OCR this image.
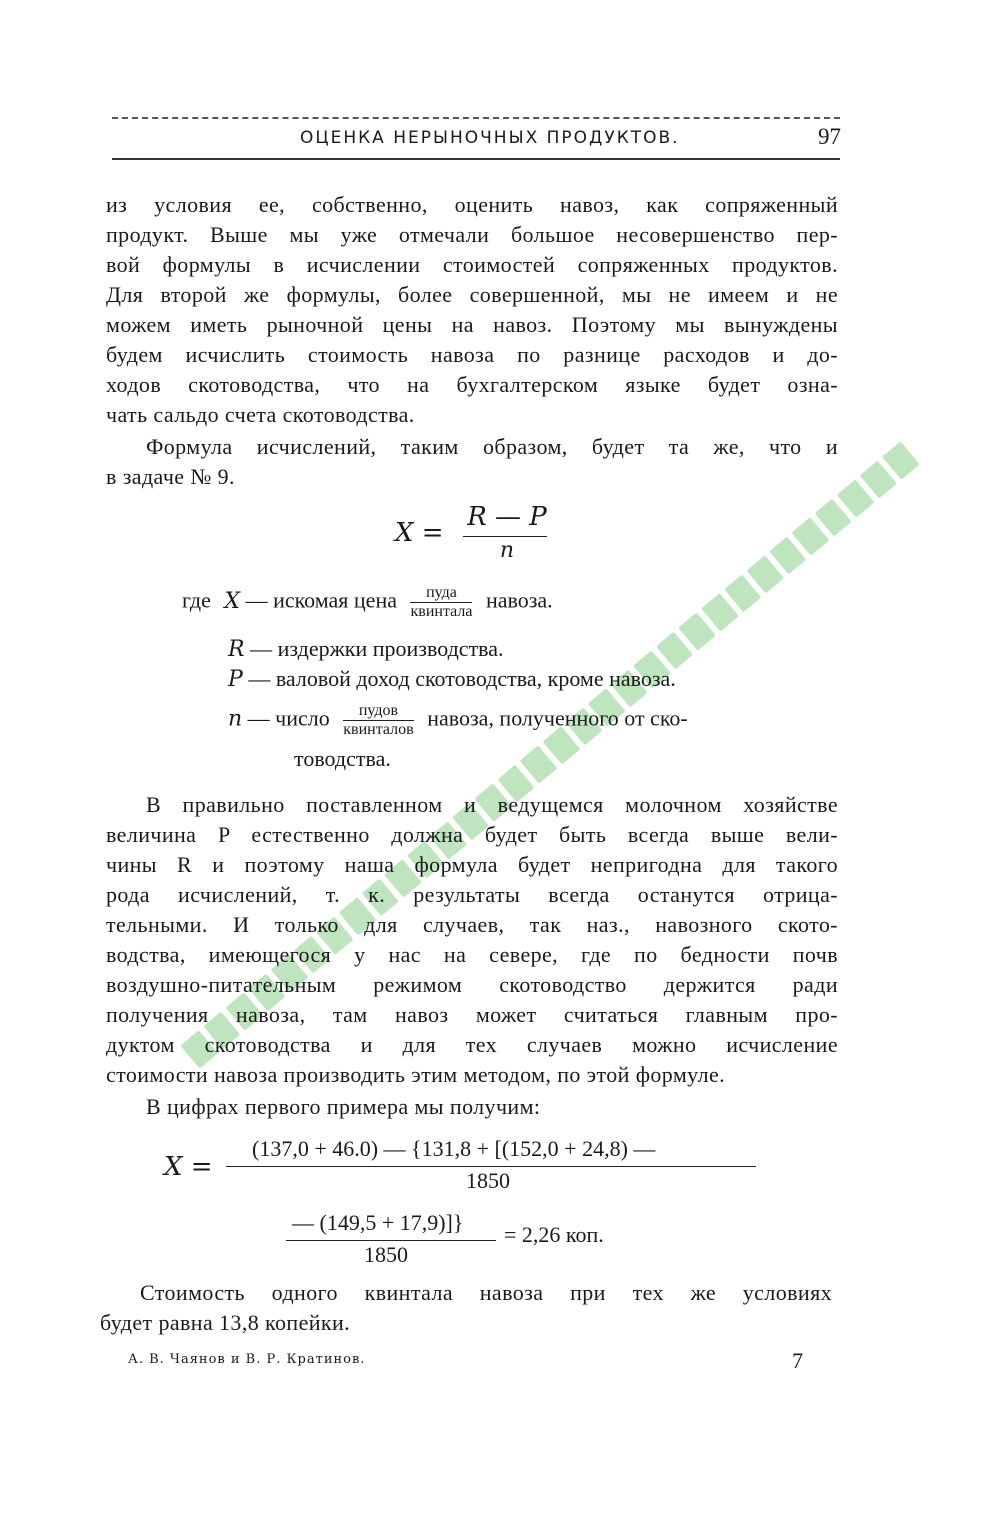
ОЦЕНКА НЕРЫНОЧНЫХ ПРОДУКТОВ.	97
из условия ее, собственно, оценить навоз, как сопряженный
продукт. Выше мы уже отмечали большое несовершенство пер-
вой формулы в исчислении стоимостей сопряженных продуктов.
Для второй же формулы, более совершенной, мы не имеем и не
можем иметь рыночной цены на навоз. Поэтому мы вынуждены
будем исчислить стоимость навоза по разнице расходов и до-
ходов скотоводства, что на бухгалтерском языке будет озна-
чать сальдо счета скотоводства.
Формула исчислений, таким образом, будет та же, что и
в задаче № 9.
X =
R — P
n
где X — искомая цена $\frac{\text{пуда}}{\text{квинтала}}$ навоза.
R — издержки производства.
P — валовой доход скотоводства, кроме навоза.
n — число $\frac{\text{пудов}}{\text{квинталов}}$ навоза, полученного от ско-
товодства.
В правильно поставленном и ведущемся молочном хозяйстве
величина P естественно должна будет быть всегда выше вели-
чины R и поэтому наша формула будет непригодна для такого
рода исчислений, т. к. результаты всегда останутся отрица-
тельными. И только для случаев, так наз., навозного ското-
водства, имеющегося у нас на севере, где по бедности почв
воздушно-питательным режимом скотоводство держится ради
получения навоза, там навоз может считаться главным про-
дуктом скотоводства и для тех случаев можно исчисление
стоимости навоза производить этим методом, по этой формуле.
В цифрах первого примера мы получим:
X =
(137,0 + 46.0) — {131,8 + [(152,0 + 24,8) —
1850
— (149,5 + 17,9)]}
1850
= 2,26 коп.
Стоимость одного квинтала навоза при тех же условиях
будет равна 13,8 копейки.
А. В. Чаянов и В. Р. Кратинов.	7
